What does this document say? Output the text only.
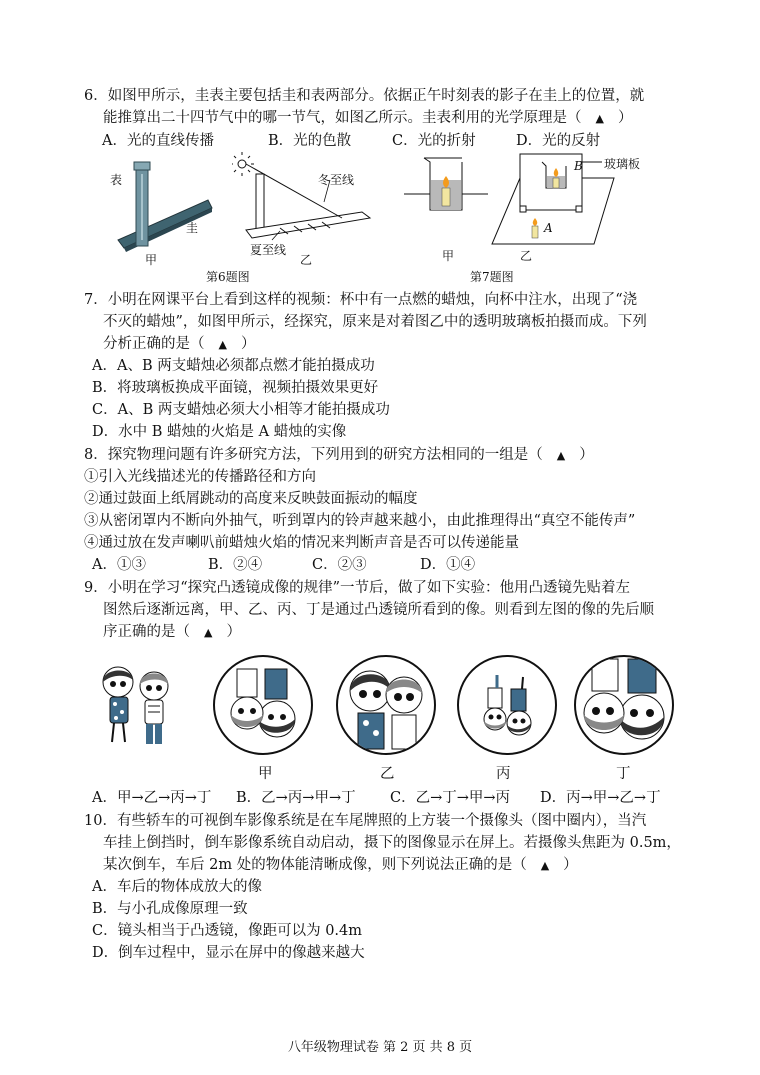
6．如图甲所示，圭表主要包括圭和表两部分。依据正午时刻表的影子在圭上的位置，就
能推算出二十四节气中的哪一节气，如图乙所示。圭表利用的光学原理是（ ▲ ）
A．光的直线传播	B．光的色散	C．光的折射	D．光的反射
表
圭
甲
冬至线
夏至线
乙
第6题图
甲
玻璃板
B
A
乙
第7题图
7．小明在网课平台上看到这样的视频：杯中有一点燃的蜡烛，向杯中注水，出现了“浇
不灭的蜡烛”，如图甲所示，经探究，原来是对着图乙中的透明玻璃板拍摄而成。下列
分析正确的是（ ▲ ）
A．A、B 两支蜡烛必须都点燃才能拍摄成功
B．将玻璃板换成平面镜，视频拍摄效果更好
C．A、B 两支蜡烛必须大小相等才能拍摄成功
D．水中 B 蜡烛的火焰是 A 蜡烛的实像
8．探究物理问题有许多研究方法，下列用到的研究方法相同的一组是（ ▲ ）
①引入光线描述光的传播路径和方向
②通过鼓面上纸屑跳动的高度来反映鼓面振动的幅度
③从密闭罩内不断向外抽气，听到罩内的铃声越来越小，由此推理得出“真空不能传声”
④通过放在发声喇叭前蜡烛火焰的情况来判断声音是否可以传递能量
A．①③	B．②④	C．②③	D．①④
9．小明在学习“探究凸透镜成像的规律”一节后，做了如下实验：他用凸透镜先贴着左
图然后逐渐远离，甲、乙、丙、丁是通过凸透镜所看到的像。则看到左图的像的先后顺
序正确的是（ ▲ ）
甲	乙	丙	丁
A．甲→乙→丙→丁 B．乙→丙→甲→丁 C．乙→丁→甲→丙 D．丙→甲→乙→丁
10．有些轿车的可视倒车影像系统是在车尾牌照的上方装一个摄像头（图中圈内），当汽
车挂上倒挡时，倒车影像系统自动启动，摄下的图像显示在屏上。若摄像头焦距为 0.5m，
某次倒车，车后 2m 处的物体能清晰成像，则下列说法正确的是（ ▲ ）
A．车后的物体成放大的像
B．与小孔成像原理一致
C．镜头相当于凸透镜，像距可以为 0.4m
D．倒车过程中，显示在屏中的像越来越大
八年级物理试卷 第 2 页 共 8 页
